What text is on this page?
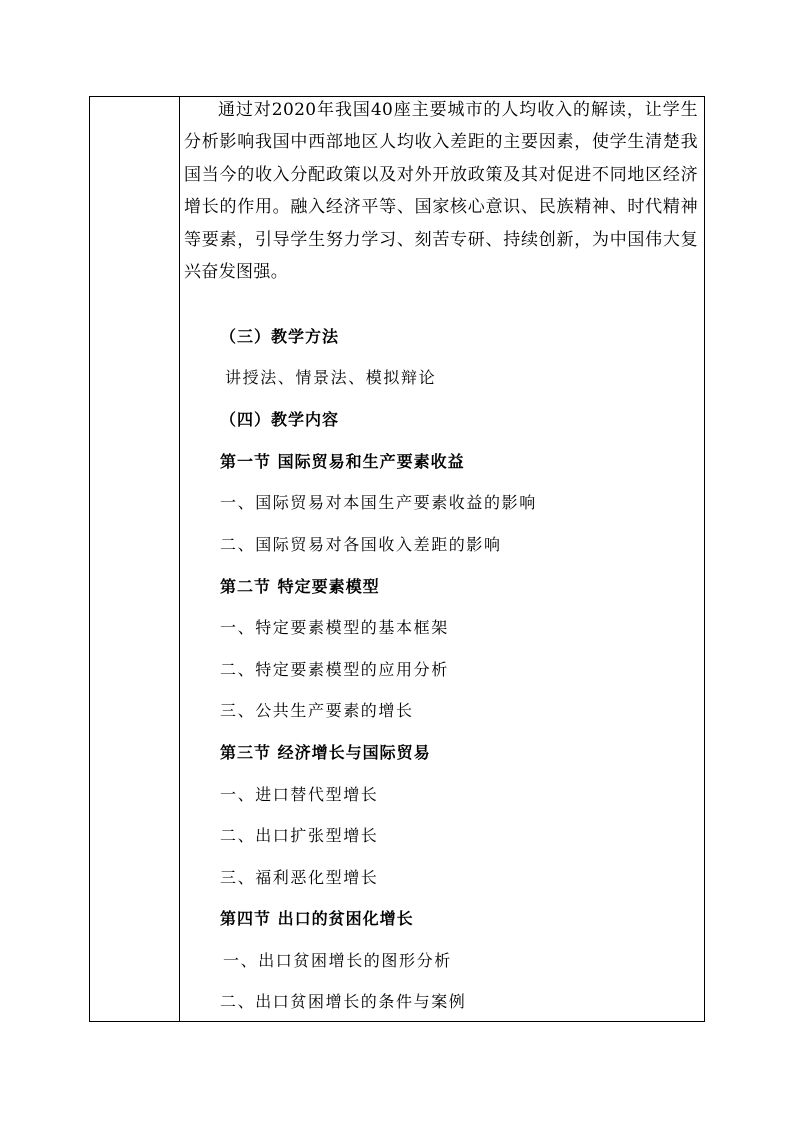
通过对2020年我国40座主要城市的人均收入的解读，让学生分析影响我国中西部地区人均收入差距的主要因素，使学生清楚我国当今的收入分配政策以及对外开放政策及其对促进不同地区经济增长的作用。融入经济平等、国家核心意识、民族精神、时代精神等要素，引导学生努力学习、刻苦专研、持续创新，为中国伟大复兴奋发图强。

（三）教学方法
讲授法、情景法、模拟辩论
（四）教学内容
第一节 国际贸易和生产要素收益
一、国际贸易对本国生产要素收益的影响
二、国际贸易对各国收入差距的影响
第二节 特定要素模型
一、特定要素模型的基本框架
二、特定要素模型的应用分析
三、公共生产要素的增长
第三节 经济增长与国际贸易
一、进口替代型增长
二、出口扩张型增长
三、福利恶化型增长
第四节 出口的贫困化增长
一、出口贫困增长的图形分析
二、出口贫困增长的条件与案例
